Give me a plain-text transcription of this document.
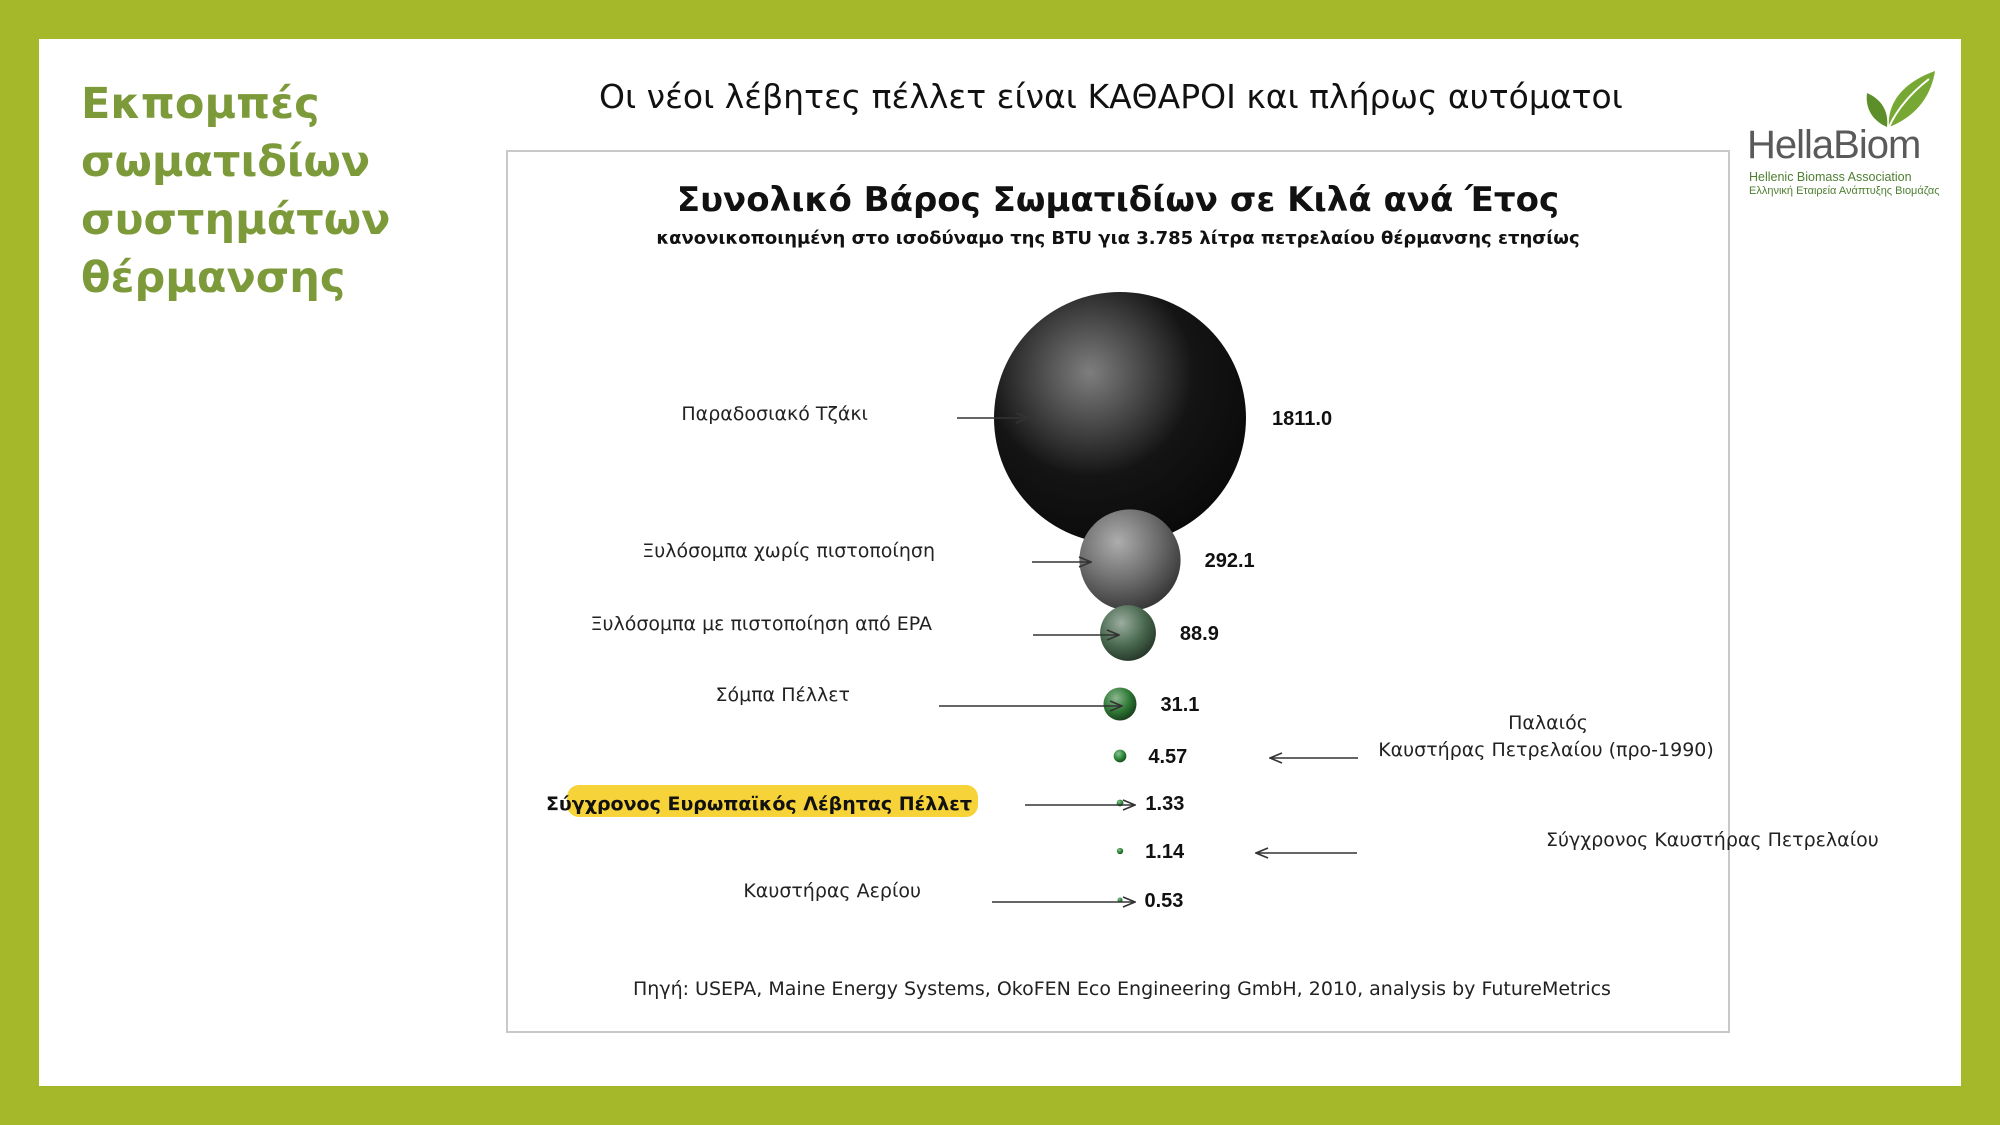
Εκπομπές
σωματιδίων
συστημάτων
θέρμανσης
Οι νέοι λέβητες πέλλετ είναι ΚΑΘΑΡΟΙ και πλήρως αυτόματοι
HellaBiom
Hellenic Biomass Association
Ελληνική Εταιρεία Ανάπτυξης Βιομάζας
Συνολικό Βάρος Σωματιδίων σε Κιλά ανά Έτος
κανονικοποιημένη στο ισοδύναμο της BTU για 3.785 λίτρα πετρελαίου θέρμανσης ετησίως
1811.0
Παραδοσιακό Τζάκι
292.1
Ξυλόσομπα χωρίς πιστοποίηση
88.9
Ξυλόσομπα με πιστοποίηση από EPA
31.1
Σόμπα Πέλλετ
4.57
Παλαιός Καυστήρας Πετρελαίου (προ-1990)
1.33
Σύγχρονος Ευρωπαϊκός Λέβητας Πέλλετ
1.14
Σύγχρονος Καυστήρας Πετρελαίου
0.53
Καυστήρας Αερίου
Πηγή: USEPA, Maine Energy Systems, OkoFEN Eco Engineering GmbH, 2010, analysis by FutureMetrics
